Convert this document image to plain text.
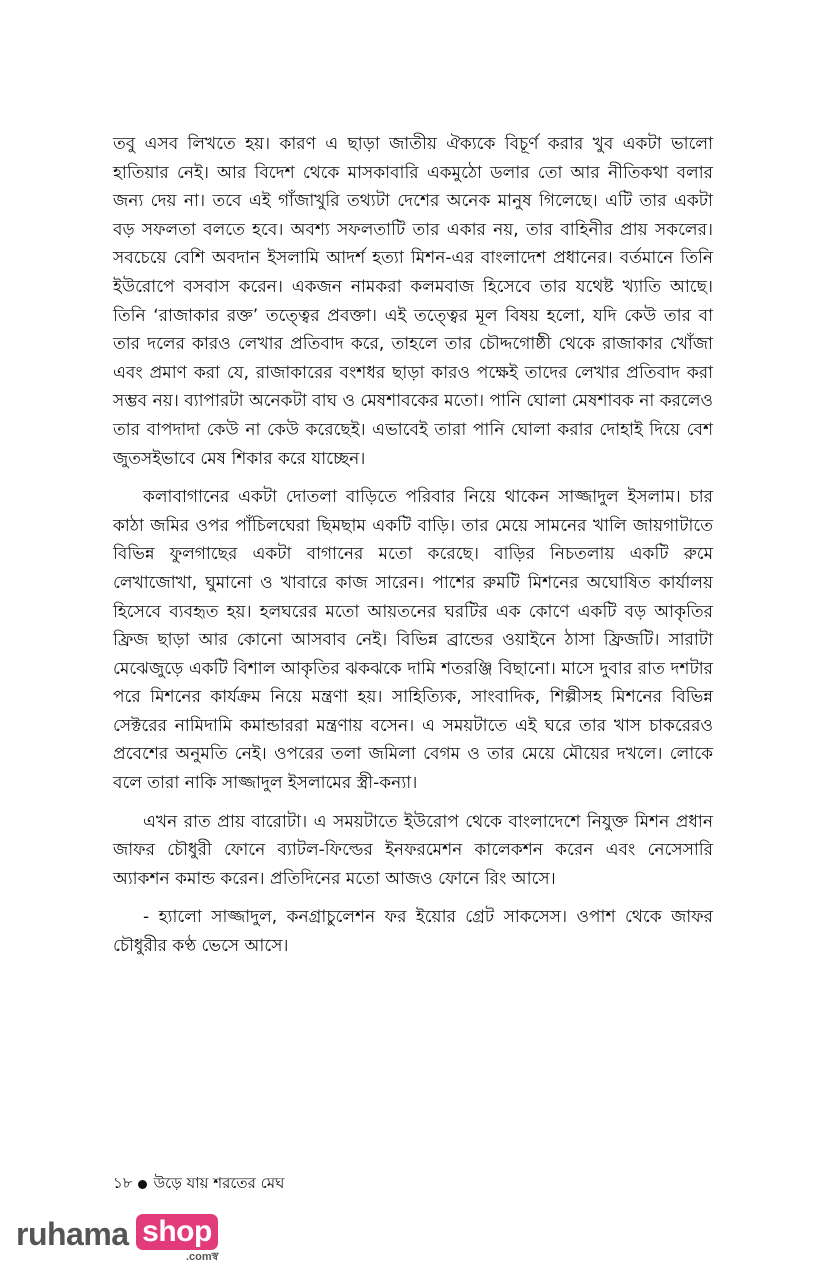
তবু এসব লিখতে হয়। কারণ এ ছাড়া জাতীয় ঐক্যকে বিচূর্ণ করার খুব একটা ভালো হাতিয়ার নেই। আর বিদেশ থেকে মাসকাবারি একমুঠো ডলার তো আর নীতিকথা বলার জন্য দেয় না। তবে এই গাঁজাখুরি তথ্যটা দেশের অনেক মানুষ গিলেছে। এটি তার একটা বড় সফলতা বলতে হবে। অবশ্য সফলতাটি তার একার নয়, তার বাহিনীর প্রায় সকলের। সবচেয়ে বেশি অবদান ইসলামি আদর্শ হত্যা মিশন-এর বাংলাদেশ প্রধানের। বর্তমানে তিনি ইউরোপে বসবাস করেন। একজন নামকরা কলমবাজ হিসেবে তার যথেষ্ট খ্যাতি আছে। তিনি ‘রাজাকার রক্ত’ তত্ত্বের প্রবক্তা। এই তত্ত্বের মূল বিষয় হলো, যদি কেউ তার বা তার দলের কারও লেখার প্রতিবাদ করে, তাহলে তার চৌদ্দগোষ্ঠী থেকে রাজাকার খোঁজা এবং প্রমাণ করা যে, রাজাকারের বংশধর ছাড়া কারও পক্ষেই তাদের লেখার প্রতিবাদ করা সম্ভব নয়। ব্যাপারটা অনেকটা বাঘ ও মেষশাবকের মতো। পানি ঘোলা মেষশাবক না করলেও তার বাপদাদা কেউ না কেউ করেছেই। এভাবেই তারা পানি ঘোলা করার দোহাই দিয়ে বেশ জুতসইভাবে মেষ শিকার করে যাচ্ছেন।

কলাবাগানের একটা দোতলা বাড়িতে পরিবার নিয়ে থাকেন সাজ্জাদুল ইসলাম। চার কাঠা জমির ওপর পাঁচিলঘেরা ছিমছাম একটি বাড়ি। তার মেয়ে সামনের খালি জায়গাটাতে বিভিন্ন ফুলগাছের একটা বাগানের মতো করেছে। বাড়ির নিচতলায় একটি রুমে লেখাজোখা, ঘুমানো ও খাবারে কাজ সারেন। পাশের রুমটি মিশনের অঘোষিত কার্যালয় হিসেবে ব্যবহৃত হয়। হলঘরের মতো আয়তনের ঘরটির এক কোণে একটি বড় আকৃতির ফ্রিজ ছাড়া আর কোনো আসবাব নেই। বিভিন্ন ব্রান্ডের ওয়াইনে ঠাসা ফ্রিজটি। সারাটা মেঝেজুড়ে একটি বিশাল আকৃতির ঝকঝকে দামি শতরঞ্জি বিছানো। মাসে দুবার রাত দশটার পরে মিশনের কার্যক্রম নিয়ে মন্ত্রণা হয়। সাহিত্যিক, সাংবাদিক, শিল্পীসহ মিশনের বিভিন্ন সেক্টরের নামিদামি কমান্ডাররা মন্ত্রণায় বসেন। এ সময়টাতে এই ঘরে তার খাস চাকরেরও প্রবেশের অনুমতি নেই। ওপরের তলা জমিলা বেগম ও তার মেয়ে মৌয়ের দখলে। লোকে বলে তারা নাকি সাজ্জাদুল ইসলামের স্ত্রী-কন্যা।

এখন রাত প্রায় বারোটা। এ সময়টাতে ইউরোপ থেকে বাংলাদেশে নিযুক্ত মিশন প্রধান জাফর চৌধুরী ফোনে ব্যাটল-ফিল্ডের ইনফরমেশন কালেকশন করেন এবং নেসেসারি অ্যাকশন কমান্ড করেন। প্রতিদিনের মতো আজও ফোনে রিং আসে।

- হ্যালো সাজ্জাদুল, কনগ্রাচুলেশন ফর ইয়োর গ্রেট সাকসেস। ওপাশ থেকে জাফর চৌধুরীর কণ্ঠ ভেসে আসে।

১৮ উড়ে যায় শরতের মেঘ
ruhama shop
.comস্ব
